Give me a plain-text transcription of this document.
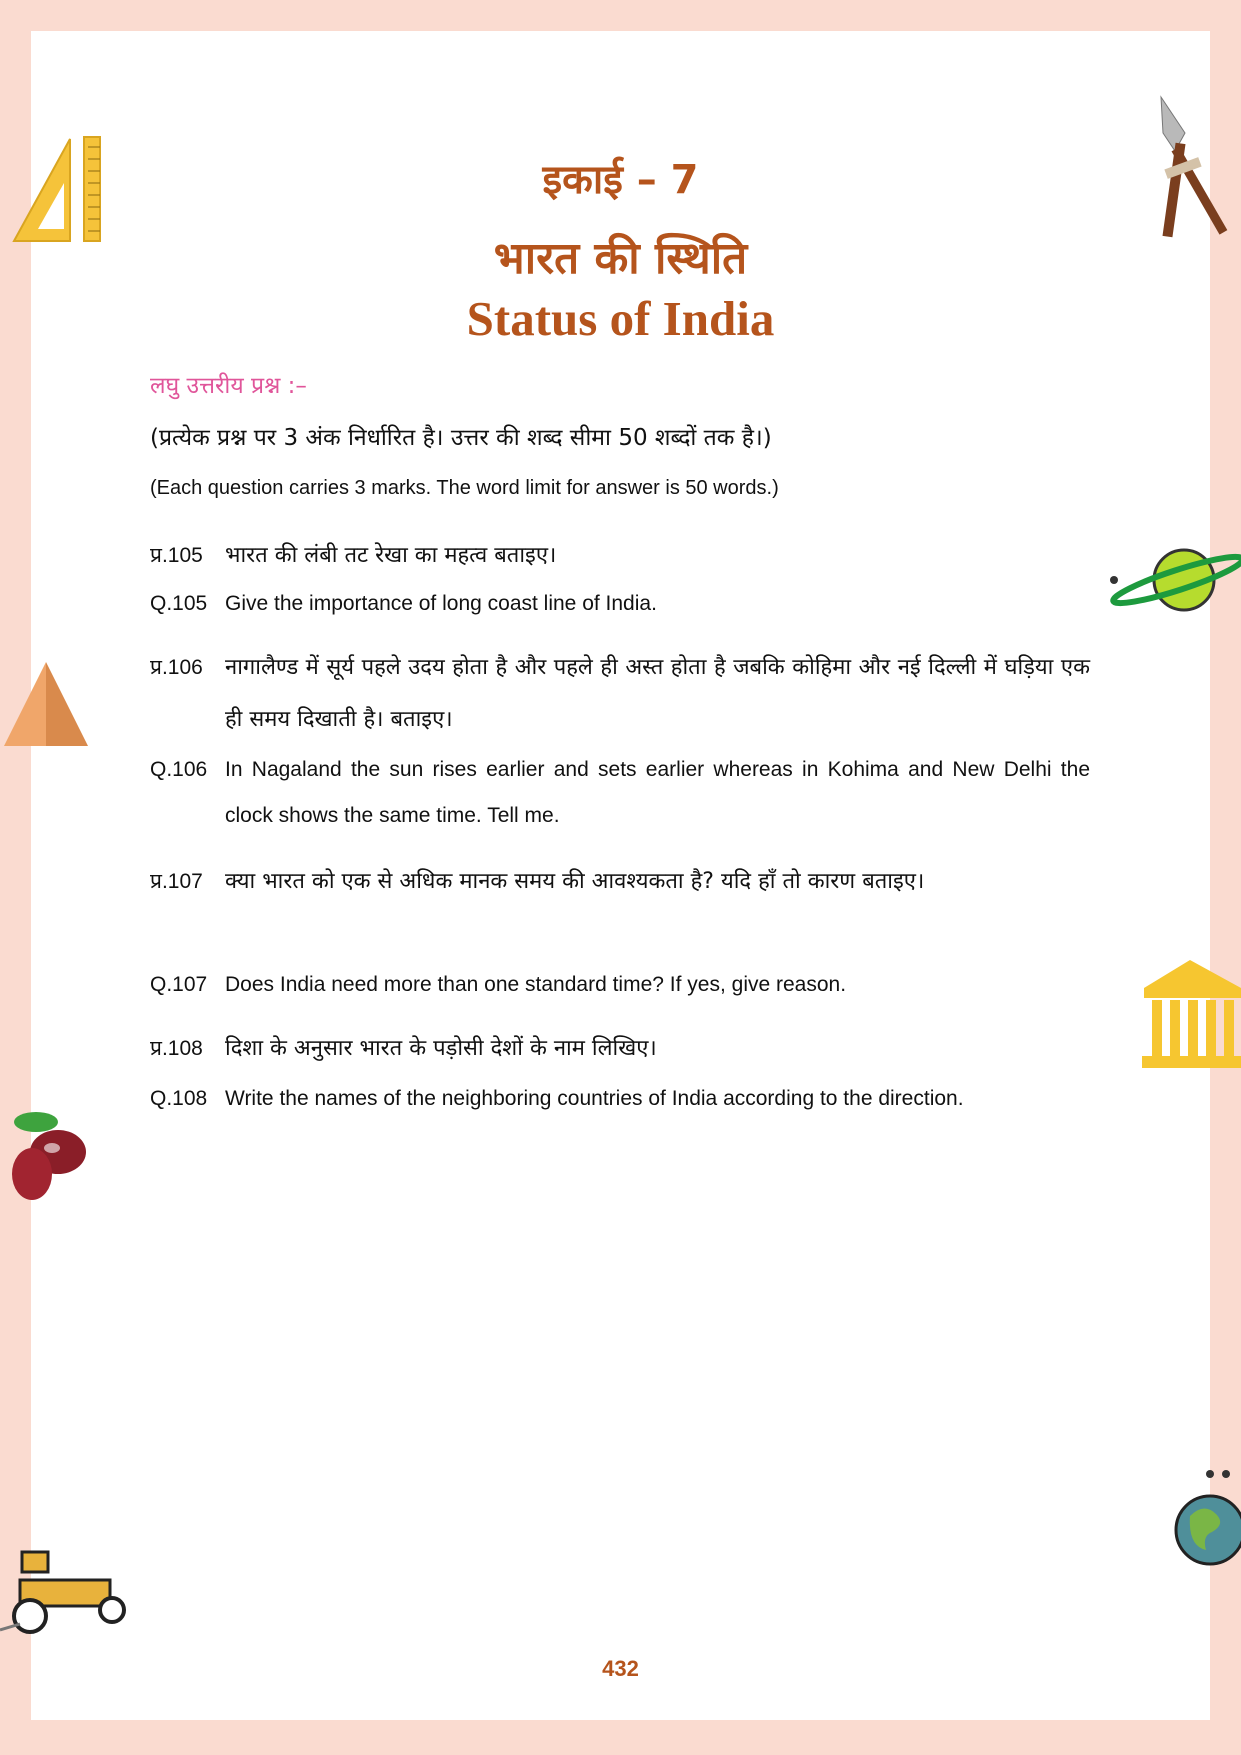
इकाई – 7
भारत की स्थिति
Status of India
लघु उत्तरीय प्रश्न :–
(प्रत्येक प्रश्न पर 3 अंक निर्धारित है। उत्तर की शब्द सीमा 50 शब्दों तक है।)
(Each question carries 3 marks. The word limit for answer is 50 words.)
प्र.105 भारत की लंबी तट रेखा का महत्व बताइए।
Q.105 Give the importance of long coast line of India.
प्र.106 नागालैण्ड में सूर्य पहले उदय होता है और पहले ही अस्त होता है जबकि कोहिमा और नई दिल्ली में घड़िया एक ही समय दिखाती है। बताइए।
Q.106 In Nagaland the sun rises earlier and sets earlier whereas in Kohima and New Delhi the clock shows the same time. Tell me.
प्र.107 क्या भारत को एक से अधिक मानक समय की आवश्यकता है? यदि हाँ तो कारण बताइए।
Q.107 Does India need more than one standard time? If yes, give reason.
प्र.108 दिशा के अनुसार भारत के पड़ोसी देशों के नाम लिखिए।
Q.108 Write the names of the neighboring countries of India according to the direction.
432
